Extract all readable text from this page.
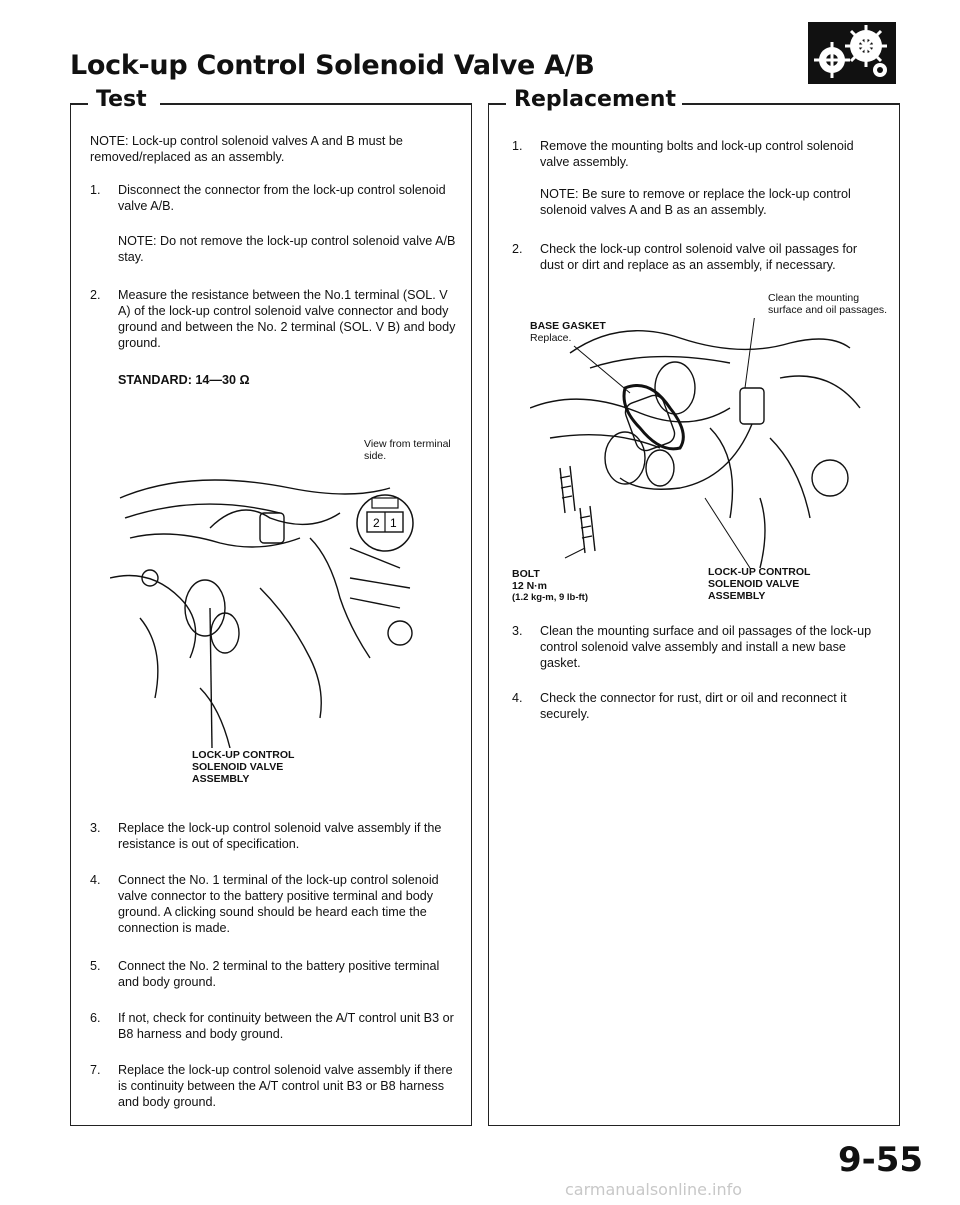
Lock-up Control Solenoid Valve A/B
Test
NOTE: Lock-up control solenoid valves A and B must be removed/replaced as an assembly.
1. Disconnect the connector from the lock-up control solenoid valve A/B.

NOTE: Do not remove the lock-up control solenoid valve A/B stay.
2. Measure the resistance between the No.1 terminal (SOL. V A) of the lock-up control solenoid valve connector and body ground and between the No. 2 terminal (SOL. V B) and body ground.

STANDARD: 14—30 Ω
View from terminal side.
2 1
LOCK-UP CONTROL SOLENOID VALVE ASSEMBLY
3. Replace the lock-up control solenoid valve assembly if the resistance is out of specification.

4. Connect the No. 1 terminal of the lock-up control solenoid valve connector to the battery positive terminal and body ground. A clicking sound should be heard each time the connection is made.

5. Connect the No. 2 terminal to the battery positive terminal and body ground.

6. If not, check for continuity between the A/T control unit B3 or B8 harness and body ground.

7. Replace the lock-up control solenoid valve assembly if there is continuity between the A/T control unit B3 or B8 harness and body ground.

Replacement
1. Remove the mounting bolts and lock-up control solenoid valve assembly.

NOTE: Be sure to remove or replace the lock-up control solenoid valves A and B as an assembly.
2. Check the lock-up control solenoid valve oil passages for dust or dirt and replace as an assembly, if necessary.

Clean the mounting surface and oil passages.
BASE GASKET
Replace.
BOLT
12 N·m
(1.2 kg-m, 9 lb-ft)
LOCK-UP CONTROL SOLENOID VALVE ASSEMBLY
3. Clean the mounting surface and oil passages of the lock-up control solenoid valve assembly and install a new base gasket.

4. Check the connector for rust, dirt or oil and reconnect it securely.

9-55
carmanualsonline.info
